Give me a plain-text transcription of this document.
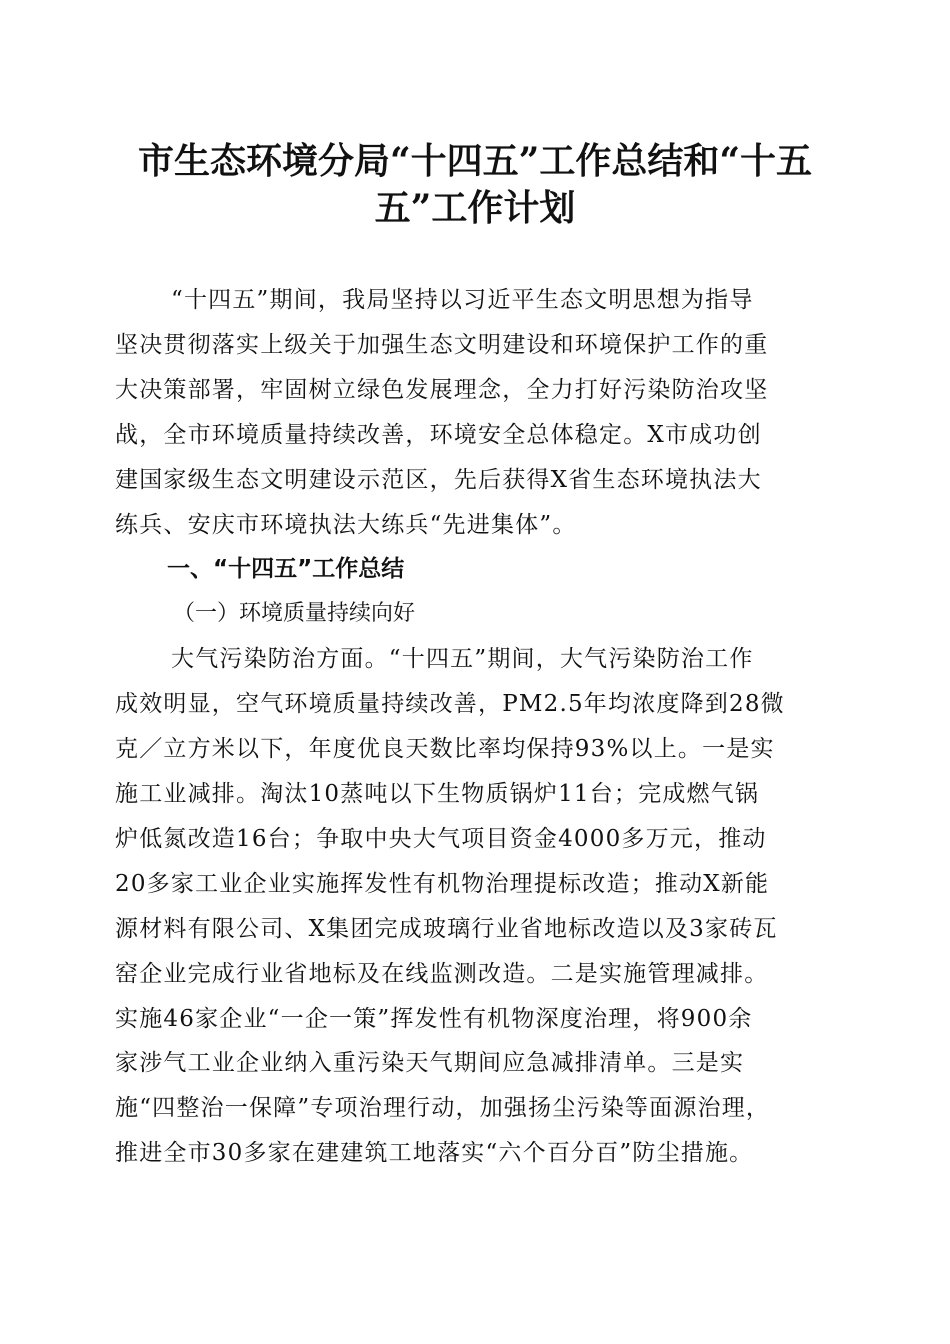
市生态环境分局“十四五”工作总结和“十五
五”工作计划
“十四五”期间，我局坚持以习近平生态文明思想为指导
坚决贯彻落实上级关于加强生态文明建设和环境保护工作的重
大决策部署，牢固树立绿色发展理念，全力打好污染防治攻坚
战，全市环境质量持续改善，环境安全总体稳定。X市成功创
建国家级生态文明建设示范区，先后获得X省生态环境执法大
练兵、安庆市环境执法大练兵“先进集体”。
一、“十四五”工作总结
（一）环境质量持续向好
大气污染防治方面。“十四五”期间，大气污染防治工作
成效明显，空气环境质量持续改善，PM2.5年均浓度降到28微
克／立方米以下，年度优良天数比率均保持93%以上。一是实
施工业减排。淘汰10蒸吨以下生物质锅炉11台；完成燃气锅
炉低氮改造16台；争取中央大气项目资金4000多万元，推动
20多家工业企业实施挥发性有机物治理提标改造；推动X新能
源材料有限公司、X集团完成玻璃行业省地标改造以及3家砖瓦
窑企业完成行业省地标及在线监测改造。二是实施管理减排。
实施46家企业“一企一策”挥发性有机物深度治理，将900余
家涉气工业企业纳入重污染天气期间应急减排清单。三是实
施“四整治一保障”专项治理行动，加强扬尘污染等面源治理，
推进全市30多家在建建筑工地落实“六个百分百”防尘措施。
